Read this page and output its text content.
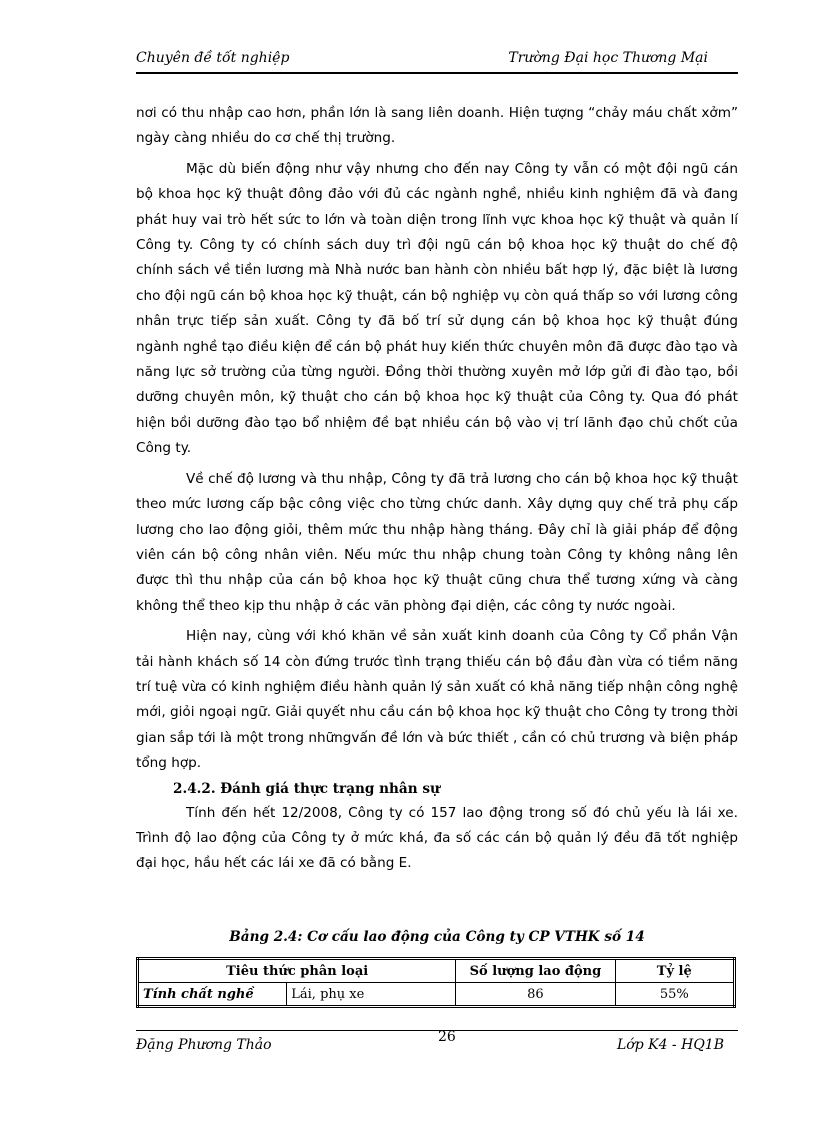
Chuyên đề tốt nghiệp	Trường Đại học Thương Mại

nơi có thu nhập cao hơn, phần lớn là sang liên doanh. Hiện tượng “chảy máu chất xởm” ngày càng nhiều do cơ chế thị trường.

Mặc dù biến động như vậy nhưng cho đến nay Công ty vẫn có một đội ngũ cán bộ khoa học kỹ thuật đông đảo với đủ các ngành nghề, nhiều kinh nghiệm đã và đang phát huy vai trò hết sức to lớn và toàn diện trong lĩnh vực khoa học kỹ thuật và quản lí Công ty. Công ty có chính sách duy trì đội ngũ cán bộ khoa học kỹ thuật do chế độ chính sách về tiền lương mà Nhà nước ban hành còn nhiều bất hợp lý, đặc biệt là lương cho đội ngũ cán bộ khoa học kỹ thuật, cán bộ nghiệp vụ còn quá thấp so với lương công nhân trực tiếp sản xuất. Công ty đã bố trí sử dụng cán bộ khoa học kỹ thuật đúng ngành nghề tạo điều kiện để cán bộ phát huy kiến thức chuyên môn đã được đào tạo và năng lực sở trường của từng người. Đồng thời thường xuyên mở lớp gửi đi đào tạo, bồi dưỡng chuyên môn, kỹ thuật cho cán bộ khoa học kỹ thuật của Công ty. Qua đó phát hiện bồi dưỡng đào tạo bổ nhiệm đề bạt nhiều cán bộ vào vị trí lãnh đạo chủ chốt của Công ty.

Về chế độ lương và thu nhập, Công ty đã trả lương cho cán bộ khoa học kỹ thuật theo mức lương cấp bậc công việc cho từng chức danh. Xây dựng quy chế trả phụ cấp lương cho lao động giỏi, thêm mức thu nhập hàng tháng. Đây chỉ là giải pháp để động viên cán bộ công nhân viên. Nếu mức thu nhập chung toàn Công ty không nâng lên được thì thu nhập của cán bộ khoa học kỹ thuật cũng chưa thể tương xứng và càng không thể theo kịp thu nhập ở các văn phòng đại diện, các công ty nước ngoài.

Hiện nay, cùng với khó khăn về sản xuất kinh doanh của Công ty Cổ phần Vận tải hành khách số 14 còn đứng trước tình trạng thiếu cán bộ đầu đàn vừa có tiềm năng trí tuệ vừa có kinh nghiệm điều hành quản lý sản xuất có khả năng tiếp nhận công nghệ mới, giỏi ngoại ngữ. Giải quyết nhu cầu cán bộ khoa học kỹ thuật cho Công ty trong thời gian sắp tới là một trong nhữngvấn đề lớn và bức thiết , cần có chủ trương và biện pháp tổng hợp.

2.4.2. Đánh giá thực trạng nhân sự

Tính đến hết 12/2008, Công ty có 157 lao động trong số đó chủ yếu là lái xe. Trình độ lao động của Công ty ở mức khá, đa số các cán bộ quản lý đều đã tốt nghiệp đại học, hầu hết các lái xe đã có bằng E.

Bảng 2.4: Cơ cấu lao động của Công ty CP VTHK số 14
Tiêu thức phân loại		Số lượng lao động	Tỷ lệ
Tính chất nghề	Lái, phụ xe	86	55%
Đặng Phương Thảo	26	Lớp K4 - HQ1B
